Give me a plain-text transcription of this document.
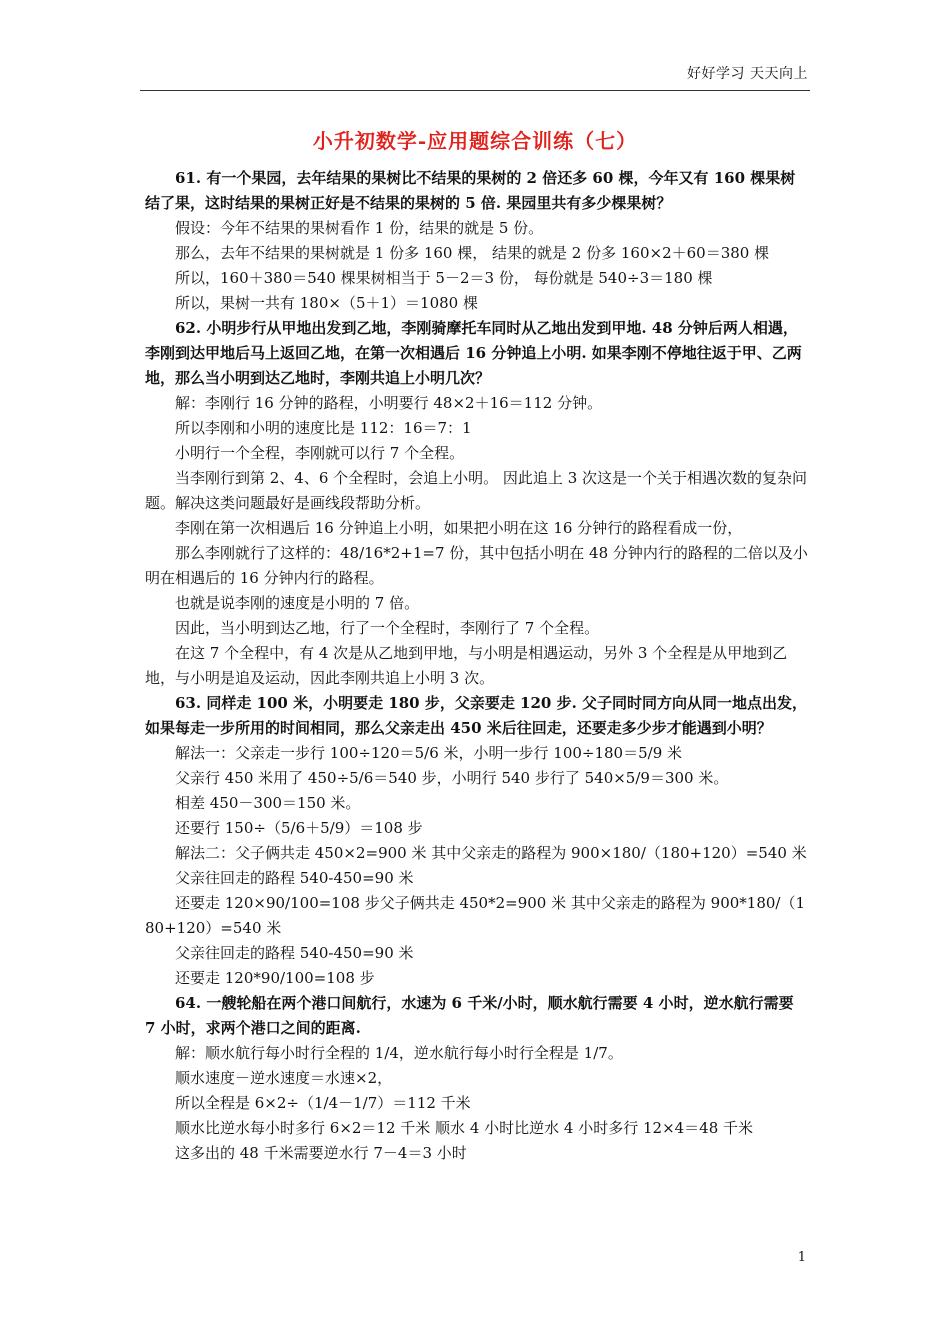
好好学习 天天向上
小升初数学-应用题综合训练（七）

61. 有一个果园，去年结果的果树比不结果的果树的 2 倍还多 60 棵，今年又有 160 棵果树结了果，这时结果的果树正好是不结果的果树的 5 倍. 果园里共有多少棵果树？

假设：今年不结果的果树看作 1 份，结果的就是 5 份。

那么，去年不结果的果树就是 1 份多 160 棵， 结果的就是 2 份多 160×2＋60＝380 棵

所以，160＋380＝540 棵果树相当于 5－2＝3 份， 每份就是 540÷3＝180 棵

所以，果树一共有 180×（5＋1）＝1080 棵

62. 小明步行从甲地出发到乙地，李刚骑摩托车同时从乙地出发到甲地. 48 分钟后两人相遇，李刚到达甲地后马上返回乙地，在第一次相遇后 16 分钟追上小明. 如果李刚不停地往返于甲、乙两地，那么当小明到达乙地时，李刚共追上小明几次？

解：李刚行 16 分钟的路程，小明要行 48×2＋16＝112 分钟。

所以李刚和小明的速度比是 112：16＝7：1

小明行一个全程，李刚就可以行 7 个全程。

当李刚行到第 2、4、6 个全程时，会追上小明。 因此追上 3 次这是一个关于相遇次数的复杂问题。解决这类问题最好是画线段帮助分析。

李刚在第一次相遇后 16 分钟追上小明，如果把小明在这 16 分钟行的路程看成一份，

那么李刚就行了这样的：48/16*2+1=7 份，其中包括小明在 48 分钟内行的路程的二倍以及小明在相遇后的 16 分钟内行的路程。

也就是说李刚的速度是小明的 7 倍。

因此，当小明到达乙地，行了一个全程时，李刚行了 7 个全程。

在这 7 个全程中，有 4 次是从乙地到甲地，与小明是相遇运动，另外 3 个全程是从甲地到乙地，与小明是追及运动，因此李刚共追上小明 3 次。

63. 同样走 100 米，小明要走 180 步，父亲要走 120 步. 父子同时同方向从同一地点出发，如果每走一步所用的时间相同，那么父亲走出 450 米后往回走，还要走多少步才能遇到小明？

解法一：父亲走一步行 100÷120＝5/6 米，小明一步行 100÷180＝5/9 米

父亲行 450 米用了 450÷5/6＝540 步，小明行 540 步行了 540×5/9＝300 米。

相差 450－300＝150 米。

还要行 150÷（5/6＋5/9）＝108 步

解法二：父子俩共走 450×2=900 米 其中父亲走的路程为 900×180/（180+120）=540 米

父亲往回走的路程 540-450=90 米

还要走 120×90/100=108 步父子俩共走 450*2=900 米 其中父亲走的路程为 900*180/（180+120）=540 米

父亲往回走的路程 540-450=90 米

还要走 120*90/100=108 步

64. 一艘轮船在两个港口间航行，水速为 6 千米/小时，顺水航行需要 4 小时，逆水航行需要 7 小时，求两个港口之间的距离.

解：顺水航行每小时行全程的 1/4，逆水航行每小时行全程是 1/7。

顺水速度－逆水速度＝水速×2，

所以全程是 6×2÷（1/4－1/7）＝112 千米

顺水比逆水每小时多行 6×2＝12 千米 顺水 4 小时比逆水 4 小时多行 12×4＝48 千米

这多出的 48 千米需要逆水行 7－4＝3 小时

1
